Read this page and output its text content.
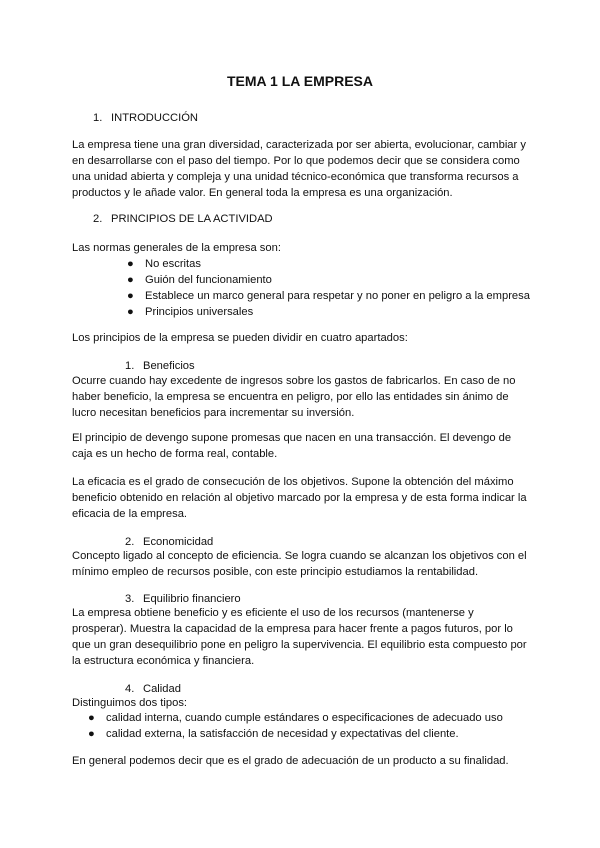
TEMA 1 LA EMPRESA
1. INTRODUCCIÓN
La empresa tiene una gran diversidad, caracterizada por ser abierta, evolucionar, cambiar y
en desarrollarse con el paso del tiempo. Por lo que podemos decir que se considera como
una unidad abierta y compleja y una unidad técnico-económica que transforma recursos a
productos y le añade valor. En general toda la empresa es una organización.
2. PRINCIPIOS DE LA ACTIVIDAD
Las normas generales de la empresa son:
● No escritas
● Guión del funcionamiento
● Establece un marco general para respetar y no poner en peligro a la empresa
● Principios universales
Los principios de la empresa se pueden dividir en cuatro apartados:
1. Beneficios
Ocurre cuando hay excedente de ingresos sobre los gastos de fabricarlos. En caso de no
haber beneficio, la empresa se encuentra en peligro, por ello las entidades sin ánimo de
lucro necesitan beneficios para incrementar su inversión.
El principio de devengo supone promesas que nacen en una transacción. El devengo de
caja es un hecho de forma real, contable.
La eficacia es el grado de consecución de los objetivos. Supone la obtención del máximo
beneficio obtenido en relación al objetivo marcado por la empresa y de esta forma indicar la
eficacia de la empresa.
2. Economicidad
Concepto ligado al concepto de eficiencia. Se logra cuando se alcanzan los objetivos con el
mínimo empleo de recursos posible, con este principio estudiamos la rentabilidad.
3. Equilibrio financiero
La empresa obtiene beneficio y es eficiente el uso de los recursos (mantenerse y
prosperar). Muestra la capacidad de la empresa para hacer frente a pagos futuros, por lo
que un gran desequilibrio pone en peligro la supervivencia. El equilibrio esta compuesto por
la estructura económica y financiera.
4. Calidad
Distinguimos dos tipos:
● calidad interna, cuando cumple estándares o especificaciones de adecuado uso
● calidad externa, la satisfacción de necesidad y expectativas del cliente.
En general podemos decir que es el grado de adecuación de un producto a su finalidad.
